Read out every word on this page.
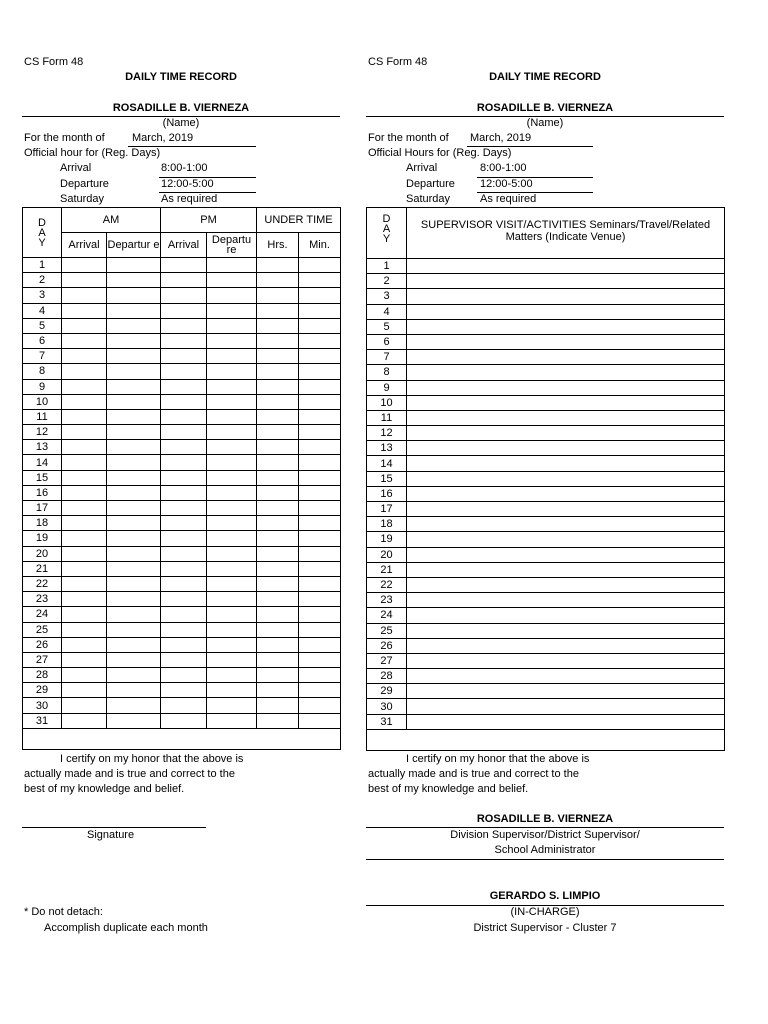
CS Form 48
DAILY TIME RECORD
ROSADILLE B. VIERNEZA
(Name)
For the month of March, 2019
Official hour for (Reg. Days)
Arrival	8:00-1:00
Departure	12:00-5:00
Saturday	As required
D
A
Y	AM		PM		UNDER TIME	
	Arrival	Departur e	Arrival	Departu re	Hrs.	Min.
1						
2						
3						
4						
5						
6						
7						
8						
9						
10						
11						
12						
13						
14						
15						
16						
17						
18						
19						
20						
21						
22						
23						
24						
25						
26						
27						
28						
29						
30						
31						

I certify on my honor that the above is
actually made and is true and correct to the
best of my knowledge and belief.
Signature
* Do not detach:
Accomplish duplicate each month
CS Form 48
DAILY TIME RECORD
ROSADILLE B. VIERNEZA
(Name)
For the month of March, 2019
Official Hours for (Reg. Days)
Arrival	8:00-1:00
Departure 12:00-5:00
Saturday	As required
D
A
Y	SUPERVISOR VISIT/ACTIVITIES Seminars/Travel/Related Matters (Indicate Venue)
1	
2	
3	
4	
5	
6	
7	
8	
9	
10	
11	
12	
13	
14	
15	
16	
17	
18	
19	
20	
21	
22	
23	
24	
25	
26	
27	
28	
29	
30	
31	

I certify on my honor that the above is
actually made and is true and correct to the
best of my knowledge and belief.
ROSADILLE B. VIERNEZA
Division Supervisor/District Supervisor/
School Administrator
GERARDO S. LIMPIO
(IN-CHARGE)
District Supervisor - Cluster 7
